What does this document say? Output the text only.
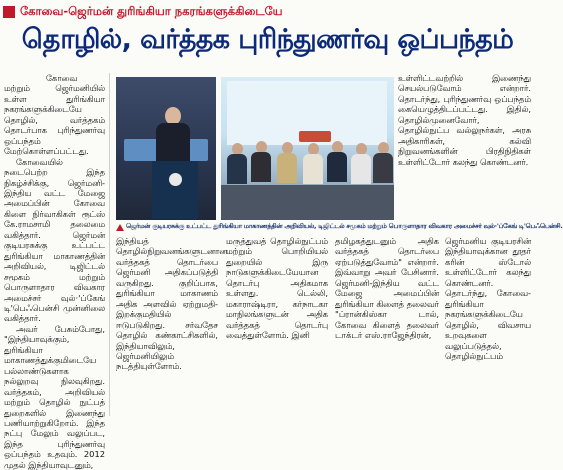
கோவை-ஜெர்மன் துரிங்கியா நகரங்களுக்கிடையே
தொழில், வர்த்தக புரிந்துணர்வு ஒப்பந்தம்

கோவை மற்றும் ஜெர்மனியில் உள்ள துரிங்கியா நகரங்களுக்கிடையே தொழில், வர்த்தகம் தொடர்பாக புரிந்துணர்வு ஒப்பந்தம் மேற்கொள்ளப்பட்டது.

கோவையில் நடைபெற்ற இந்த நிகழ்ச்சிக்கு, ஜெர்மனி-இந்திய வட்ட மேஜை அமைப்பின் கோவை கிளை நிர்வாகிகள் ரூட்ஸ் கே.ராமசாமி தலைமை வகித்தார். ஜெர்மன் குடியரசுக்கு உட்பட்ட துரிங்கியா மாகாணத்தின் அறிவியல், டிஜிட்டல் சமூகம் மற்றும் பொருளாதார விவகார அமைச்சர் வுல்·'ப்கேங் டி'பெஃபென்சி முன்னிலை வகித்தார்.

அவர் பேசும்போது, "இந்தியாவுக்கும், துரிங்கியா மாகாணத்துக்குமிடையே பல்லாண்டுகளாக நல்லுறவு நிலவுகிறது. வர்த்தகம், அறிவியல் மற்றும் தொழில் நுட்பத் துறைகளில் இணைந்து பணியாற்றுகிறோம். இந்த நட்பு மேலும் வலுப்பட, இந்த புரிந்துணர்வு ஒப்பந்தம் உதவும். 2012 முதல் இந்தியாவுடனும்,

ஜெர்மன் குடியரசுக்கு உட்பட்ட துரிங்கியா மாகாணத்தின் அறிவியல், டிஜிட்டல் சமூகம் மற்றும் பொருளாதார விவகார அமைச்சர் வுல்·'ப்கேங் டி'பெஃபென்சி.
உள்ளிட்டவற்றில் இணைந்து செயல்படுவோம் என்றார். தொடர்ந்து, புரிந்துணர்வு ஒப்பந்தம் கையெழுத்திடப்பட்டது. இதில், தொழில்முனைவோர், தொழில்நுட்ப வல்லுநர்கள், அரசு அதிகாரிகள், கல்வி நிறுவனங்களின் பிரதிநிதிகள் உள்ளிட்டோர் கலந்து கொண்டனர்.
இந்தியத் தொழில்நிறுவனங்களுடனான வர்த்தகத் தொடர்பை ஜெர்மனி அதிகப்படுத்தி வருகிறது. குறிப்பாக, துரிங்கியா மாகாணம் அதிக அளவில் ஏற்றுமதி-இறக்குமதியில் ஈடுபடுகிறது. சர்வதேச தொழில் கண்காட்சிகளில், இந்தியாவிலும், ஜெர்மனியிலும் நடத்தியுள்ளோம்.
மருத்துவத் தொழில்நுட்பம் மற்றும் பொறியியல் துறையில் இரு நாடுகளுக்கிடையேயான தொடர்பு அதிகமாக உள்ளது. டெல்லி, மகாராஷ்டிரா, கர்நாடகா மாநிலங்களுடன் அதிக வர்த்தகத் தொடர்பு வைத்துள்ளோம். இனி
தமிழகத்துடனும் அதிக வர்த்தகத் தொடர்பை ஏற்படுத்துவோம்" என்றார். இவ்வாறு அவர் பேசினார். ஜெர்மனி-இந்திய வட்ட மேஜை அமைப்பின் துரிங்கியா கிளைத் தலைவர் "ப்ரான்கிஸ்கா டால், கோவை கிளைத் தலைவர் டாக்டர் எஸ்.ராஜேந்திரன்,
ஜெர்மனிய குடியரசின் இந்தியாவுக்கான தூதர் கரின் ஸ்டோல் உள்ளிட்டோர் கலந்து கொண்டனர். தொடர்ந்து, கோவை-துரிங்கியா நகரங்களுக்கிடையே தொழில், விவசாய உறவுகளை வலுப்படுத்தல், தொழில்நுட்பம்
